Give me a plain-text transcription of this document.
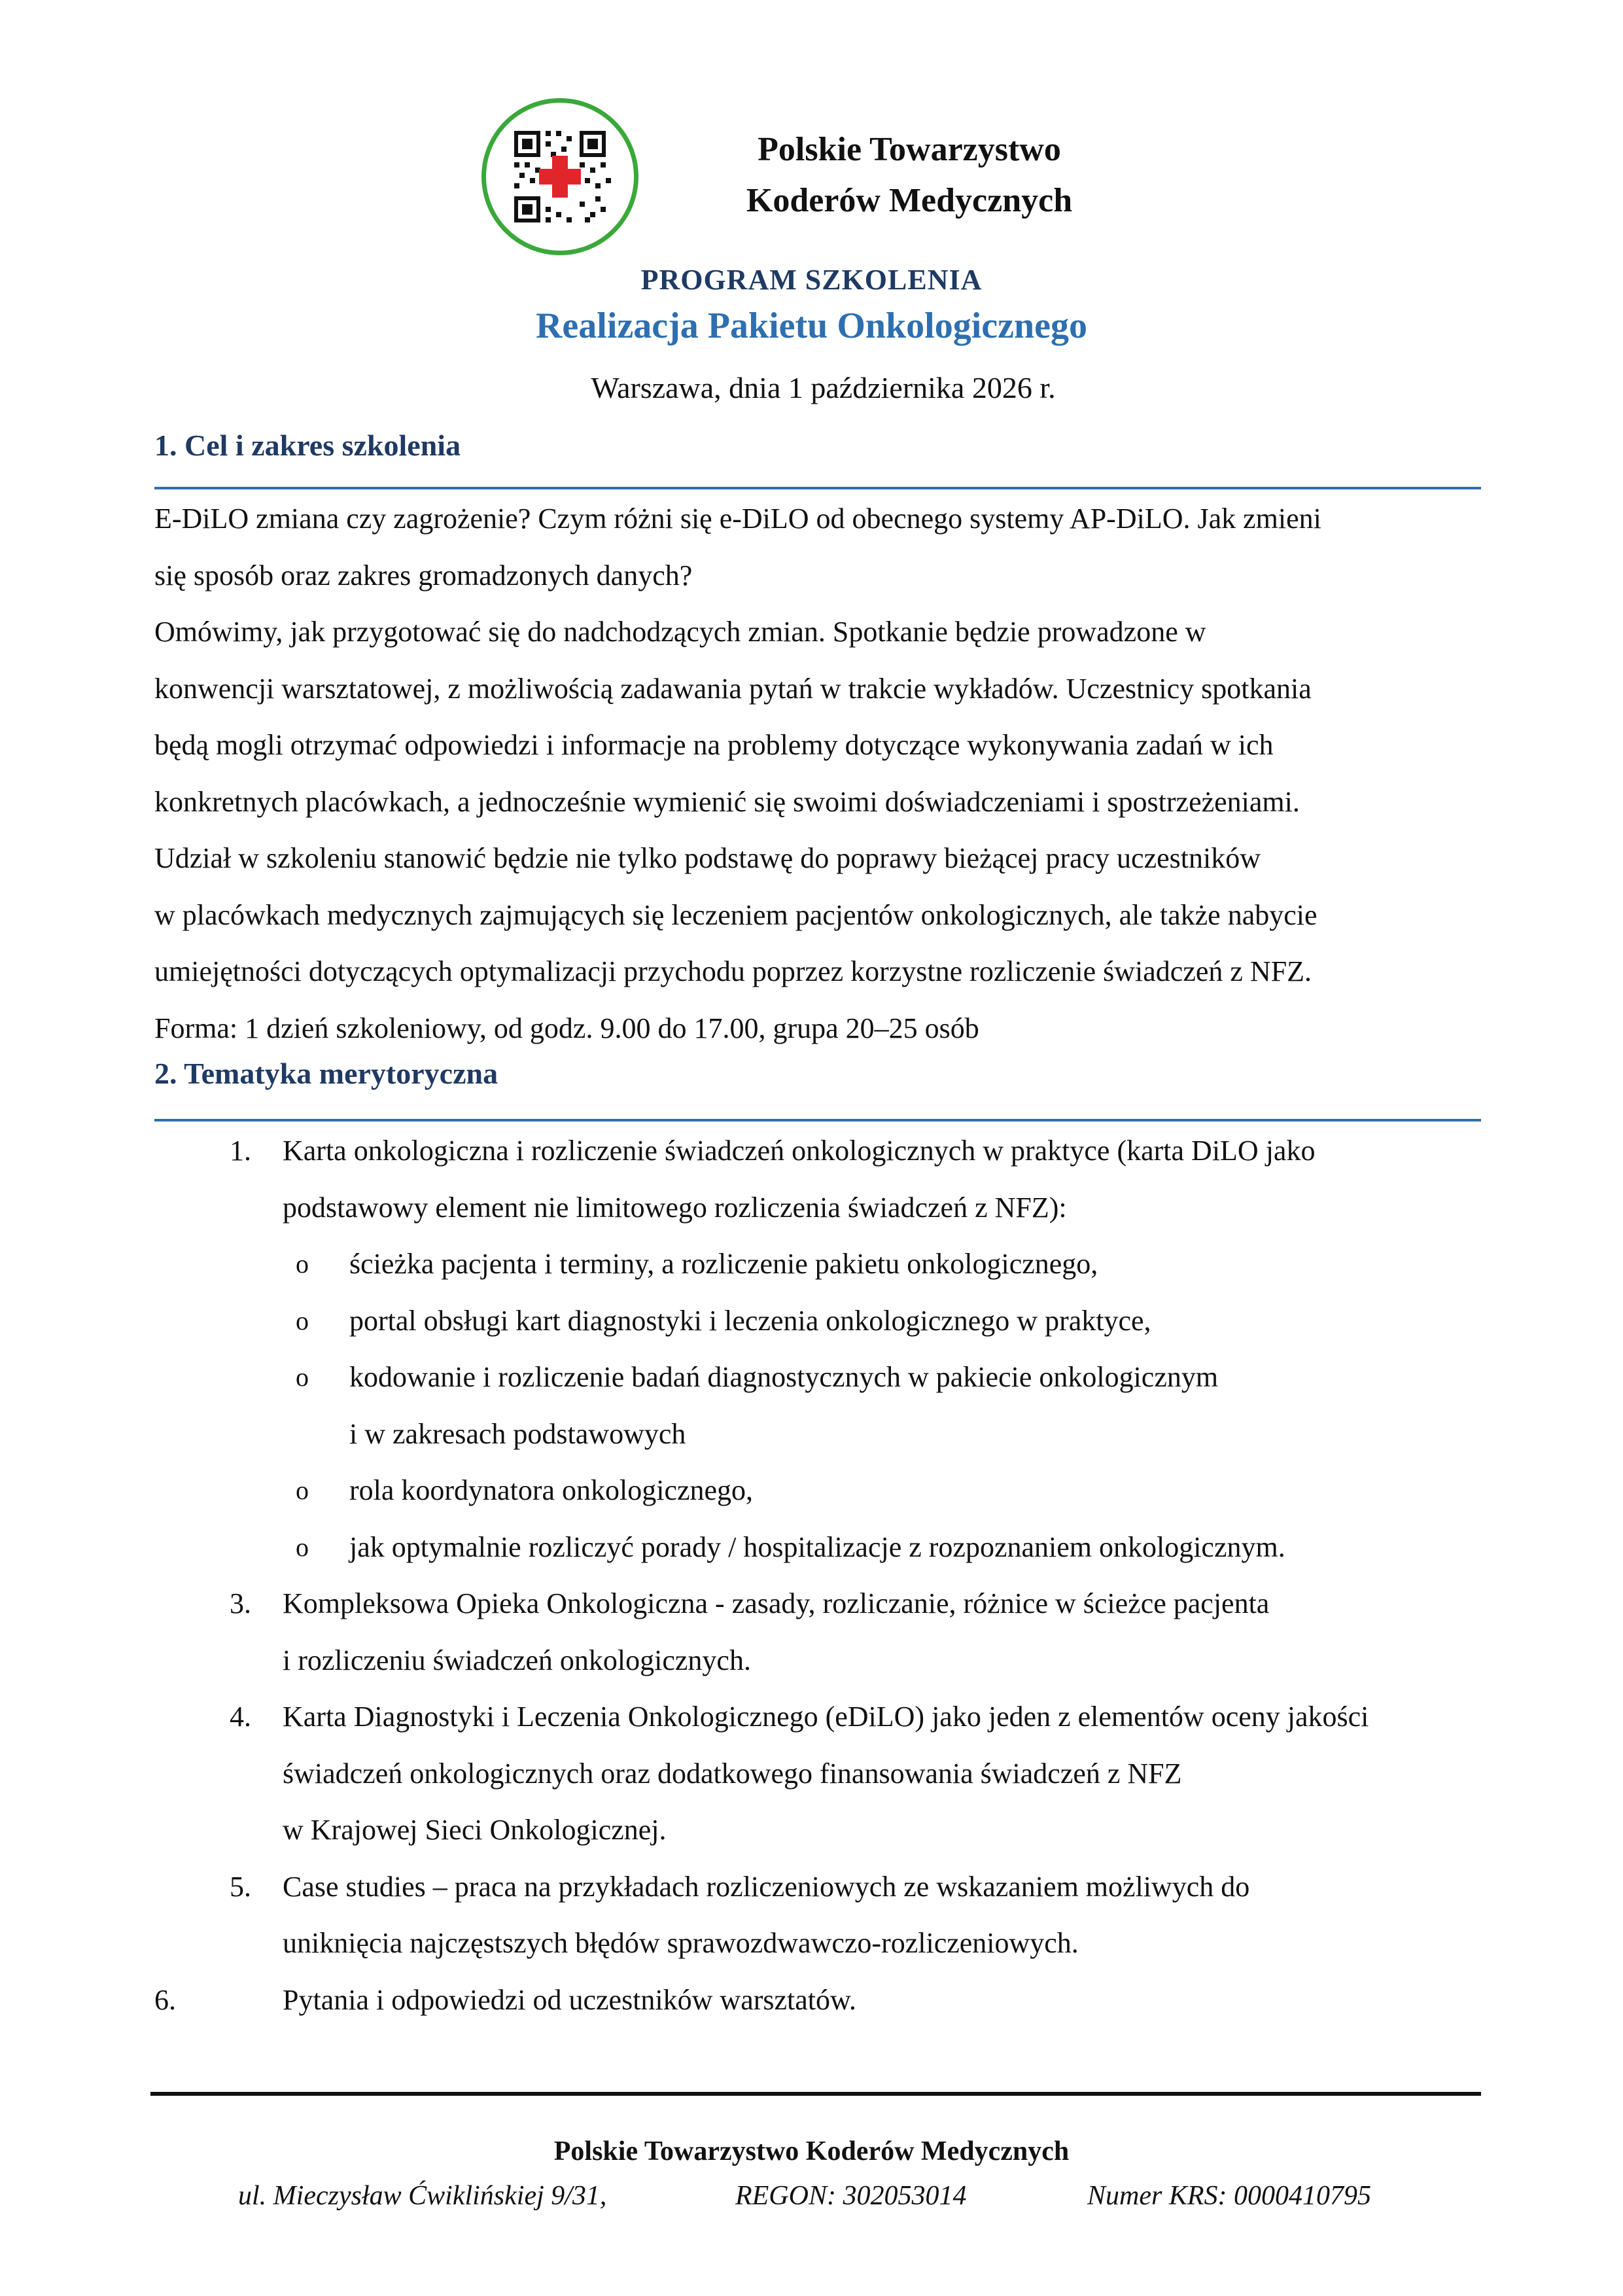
Polskie Towarzystwo
Koderów Medycznych
PROGRAM SZKOLENIA
Realizacja Pakietu Onkologicznego
Warszawa, dnia 1 października 2026 r.
1. Cel i zakres szkolenia

E-DiLO zmiana czy zagrożenie? Czym różni się e-DiLO od obecnego systemy AP-DiLO. Jak zmieni

się sposób oraz zakres gromadzonych danych?

Omówimy, jak przygotować się do nadchodzących zmian. Spotkanie będzie prowadzone w

konwencji warsztatowej, z możliwością zadawania pytań w trakcie wykładów. Uczestnicy spotkania

będą mogli otrzymać odpowiedzi i informacje na problemy dotyczące wykonywania zadań w ich

konkretnych placówkach, a jednocześnie wymienić się swoimi doświadczeniami i spostrzeżeniami.

Udział w szkoleniu stanowić będzie nie tylko podstawę do poprawy bieżącej pracy uczestników

w placówkach medycznych zajmujących się leczeniem pacjentów onkologicznych, ale także nabycie

umiejętności dotyczących optymalizacji przychodu poprzez korzystne rozliczenie świadczeń z NFZ.

Forma: 1 dzień szkoleniowy, od godz. 9.00 do 17.00, grupa 20–25 osób

2. Tematyka merytoryczna
1. Karta onkologiczna i rozliczenie świadczeń onkologicznych w praktyce (karta DiLO jako
podstawowy element nie limitowego rozliczenia świadczeń z NFZ):
o	ścieżka pacjenta i terminy, a rozliczenie pakietu onkologicznego,
o	portal obsługi kart diagnostyki i leczenia onkologicznego w praktyce,
o	kodowanie i rozliczenie badań diagnostycznych w pakiecie onkologicznym
i w zakresach podstawowych
o	rola koordynatora onkologicznego,
o	jak optymalnie rozliczyć porady / hospitalizacje z rozpoznaniem onkologicznym.
3. Kompleksowa Opieka Onkologiczna - zasady, rozliczanie, różnice w ścieżce pacjenta
i rozliczeniu świadczeń onkologicznych.
4. Karta Diagnostyki i Leczenia Onkologicznego (eDiLO) jako jeden z elementów oceny jakości
świadczeń onkologicznych oraz dodatkowego finansowania świadczeń z NFZ
w Krajowej Sieci Onkologicznej.
5. Case studies – praca na przykładach rozliczeniowych ze wskazaniem możliwych do
uniknięcia najczęstszych błędów sprawozdwawczo-rozliczeniowych.
6.	Pytania i odpowiedzi od uczestników warsztatów.
Polskie Towarzystwo Koderów Medycznych
ul. Mieczysław Ćwiklińskiej 9/31,	REGON: 302053014	Numer KRS: 0000410795
